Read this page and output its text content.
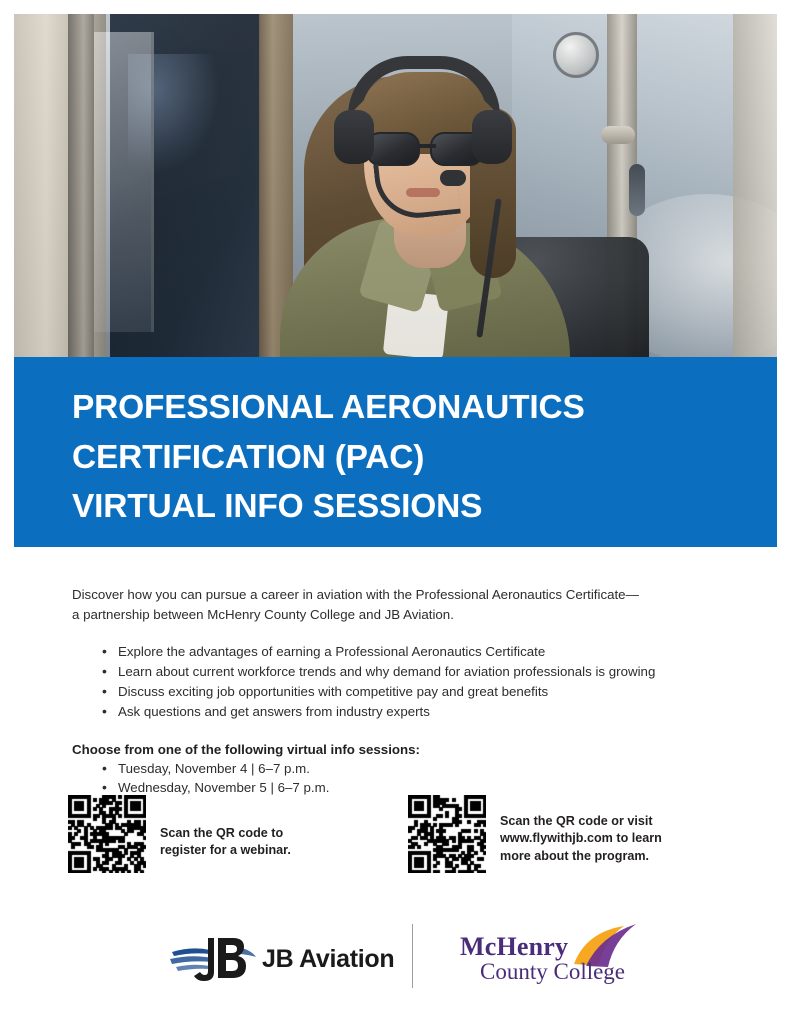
PROFESSIONAL AERONAUTICS
CERTIFICATION (PAC)
VIRTUAL INFO SESSIONS

Discover how you can pursue a career in aviation with the Professional Aeronautics Certificate—
a partnership between McHenry County College and JB Aviation.

• Explore the advantages of earning a Professional Aeronautics Certificate
• Learn about current workforce trends and why demand for aviation professionals is growing
• Discuss exciting job opportunities with competitive pay and great benefits
• Ask questions and get answers from industry experts

Choose from one of the following virtual info sessions:

• Tuesday, November 4 | 6–7 p.m.
• Wednesday, November 5 | 6–7 p.m.
Scan the QR code to
register for a webinar.
Scan the QR code or visit
www.flywithjb.com to learn
more about the program.
JB Aviation	McHenry
County College
